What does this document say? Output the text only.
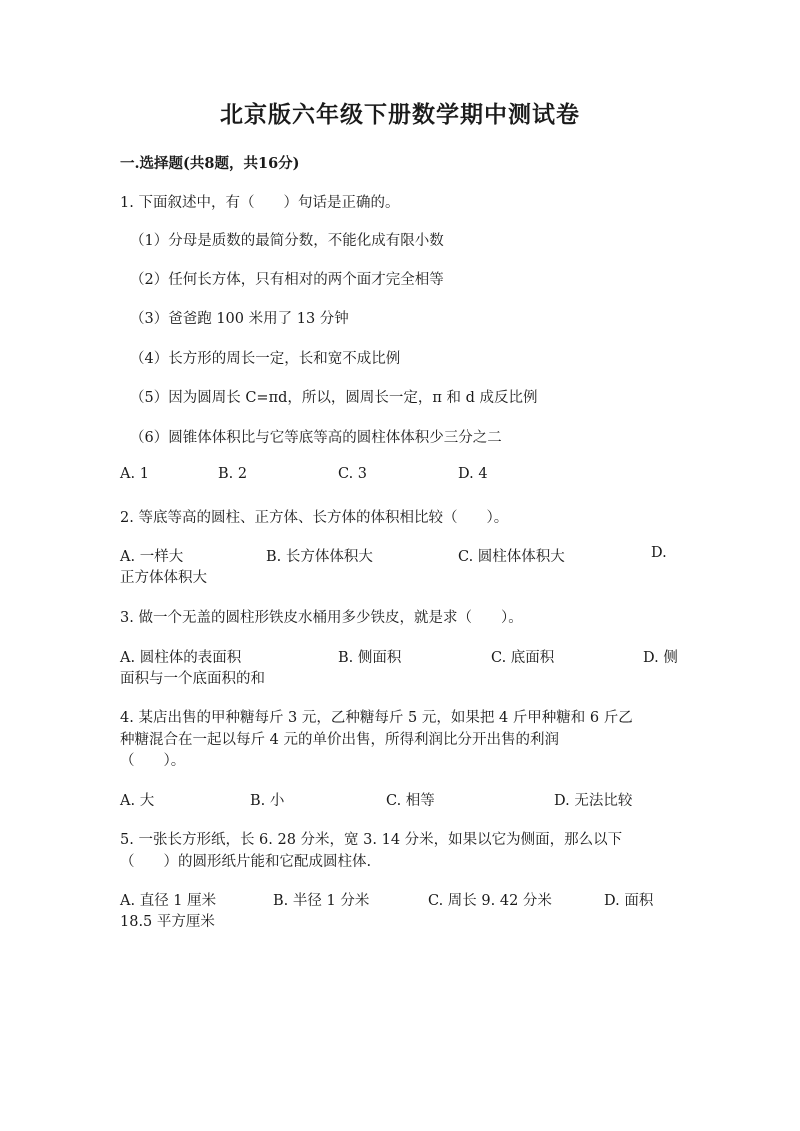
北京版六年级下册数学期中测试卷
一.选择题(共8题，共16分)
1. 下面叙述中，有（　　）句话是正确的。
（1）分母是质数的最简分数，不能化成有限小数
（2）任何长方体，只有相对的两个面才完全相等
（3）爸爸跑 100 米用了 13 分钟
（4）长方形的周长一定，长和宽不成比例
（5）因为圆周长 C=πd，所以，圆周长一定，π 和 d 成反比例
（6）圆锥体体积比与它等底等高的圆柱体体积少三分之二
A. 1	B. 2	C. 3	D. 4
2. 等底等高的圆柱、正方体、长方体的体积相比较（　　）。
A. 一样大	B. 长方体体积大	C. 圆柱体体积大	D.
正方体体积大
3. 做一个无盖的圆柱形铁皮水桶用多少铁皮，就是求（　　）。
A. 圆柱体的表面积	B. 侧面积	C. 底面积	D. 侧
面积与一个底面积的和
4. 某店出售的甲种糖每斤 3 元，乙种糖每斤 5 元，如果把 4 斤甲种糖和 6 斤乙
种糖混合在一起以每斤 4 元的单价出售，所得利润比分开出售的利润
（　　）。
A. 大	B. 小	C. 相等	D. 无法比较
5. 一张长方形纸，长 6. 28 分米，宽 3. 14 分米，如果以它为侧面，那么以下
（　　）的圆形纸片能和它配成圆柱体.
A. 直径 1 厘米	B. 半径 1 分米	C. 周长 9. 42 分米	D. 面积
18.5 平方厘米
